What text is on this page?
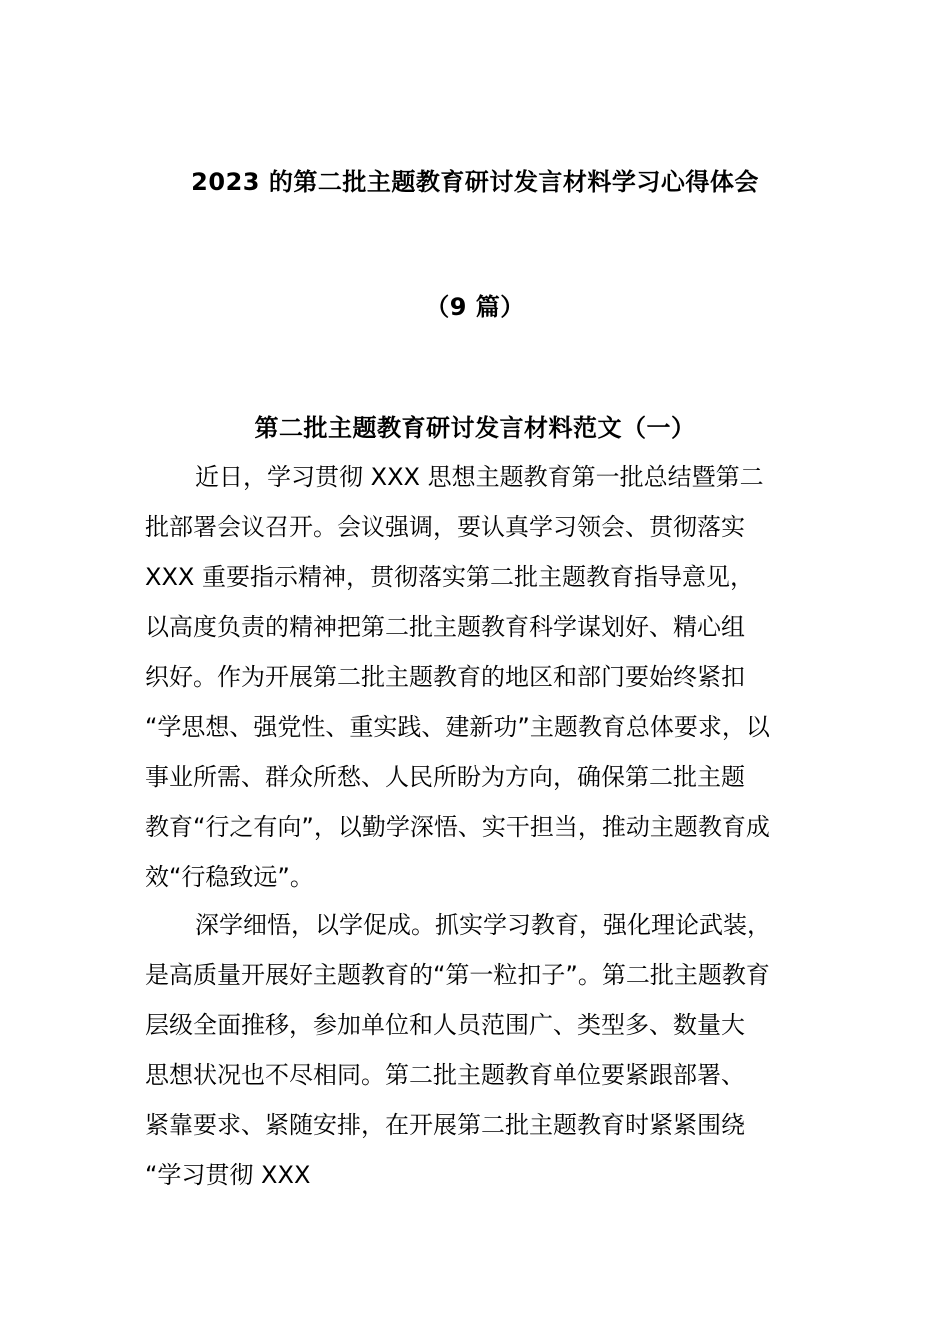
2023 的第二批主题教育研讨发言材料学习心得体会
（9 篇）
第二批主题教育研讨发言材料范文（一）
近日，学习贯彻 XXX 思想主题教育第一批总结暨第二
批部署会议召开。会议强调，要认真学习领会、贯彻落实
XXX 重要指示精神，贯彻落实第二批主题教育指导意见，
以高度负责的精神把第二批主题教育科学谋划好、精心组
织好。作为开展第二批主题教育的地区和部门要始终紧扣
“学思想、强党性、重实践、建新功”主题教育总体要求，以
事业所需、群众所愁、人民所盼为方向，确保第二批主题
教育“行之有向”，以勤学深悟、实干担当，推动主题教育成
效“行稳致远”。
深学细悟，以学促成。抓实学习教育，强化理论武装，
是高质量开展好主题教育的“第一粒扣子”。第二批主题教育
层级全面推移，参加单位和人员范围广、类型多、数量大
思想状况也不尽相同。第二批主题教育单位要紧跟部署、
紧靠要求、紧随安排，在开展第二批主题教育时紧紧围绕
“学习贯彻 XXX
